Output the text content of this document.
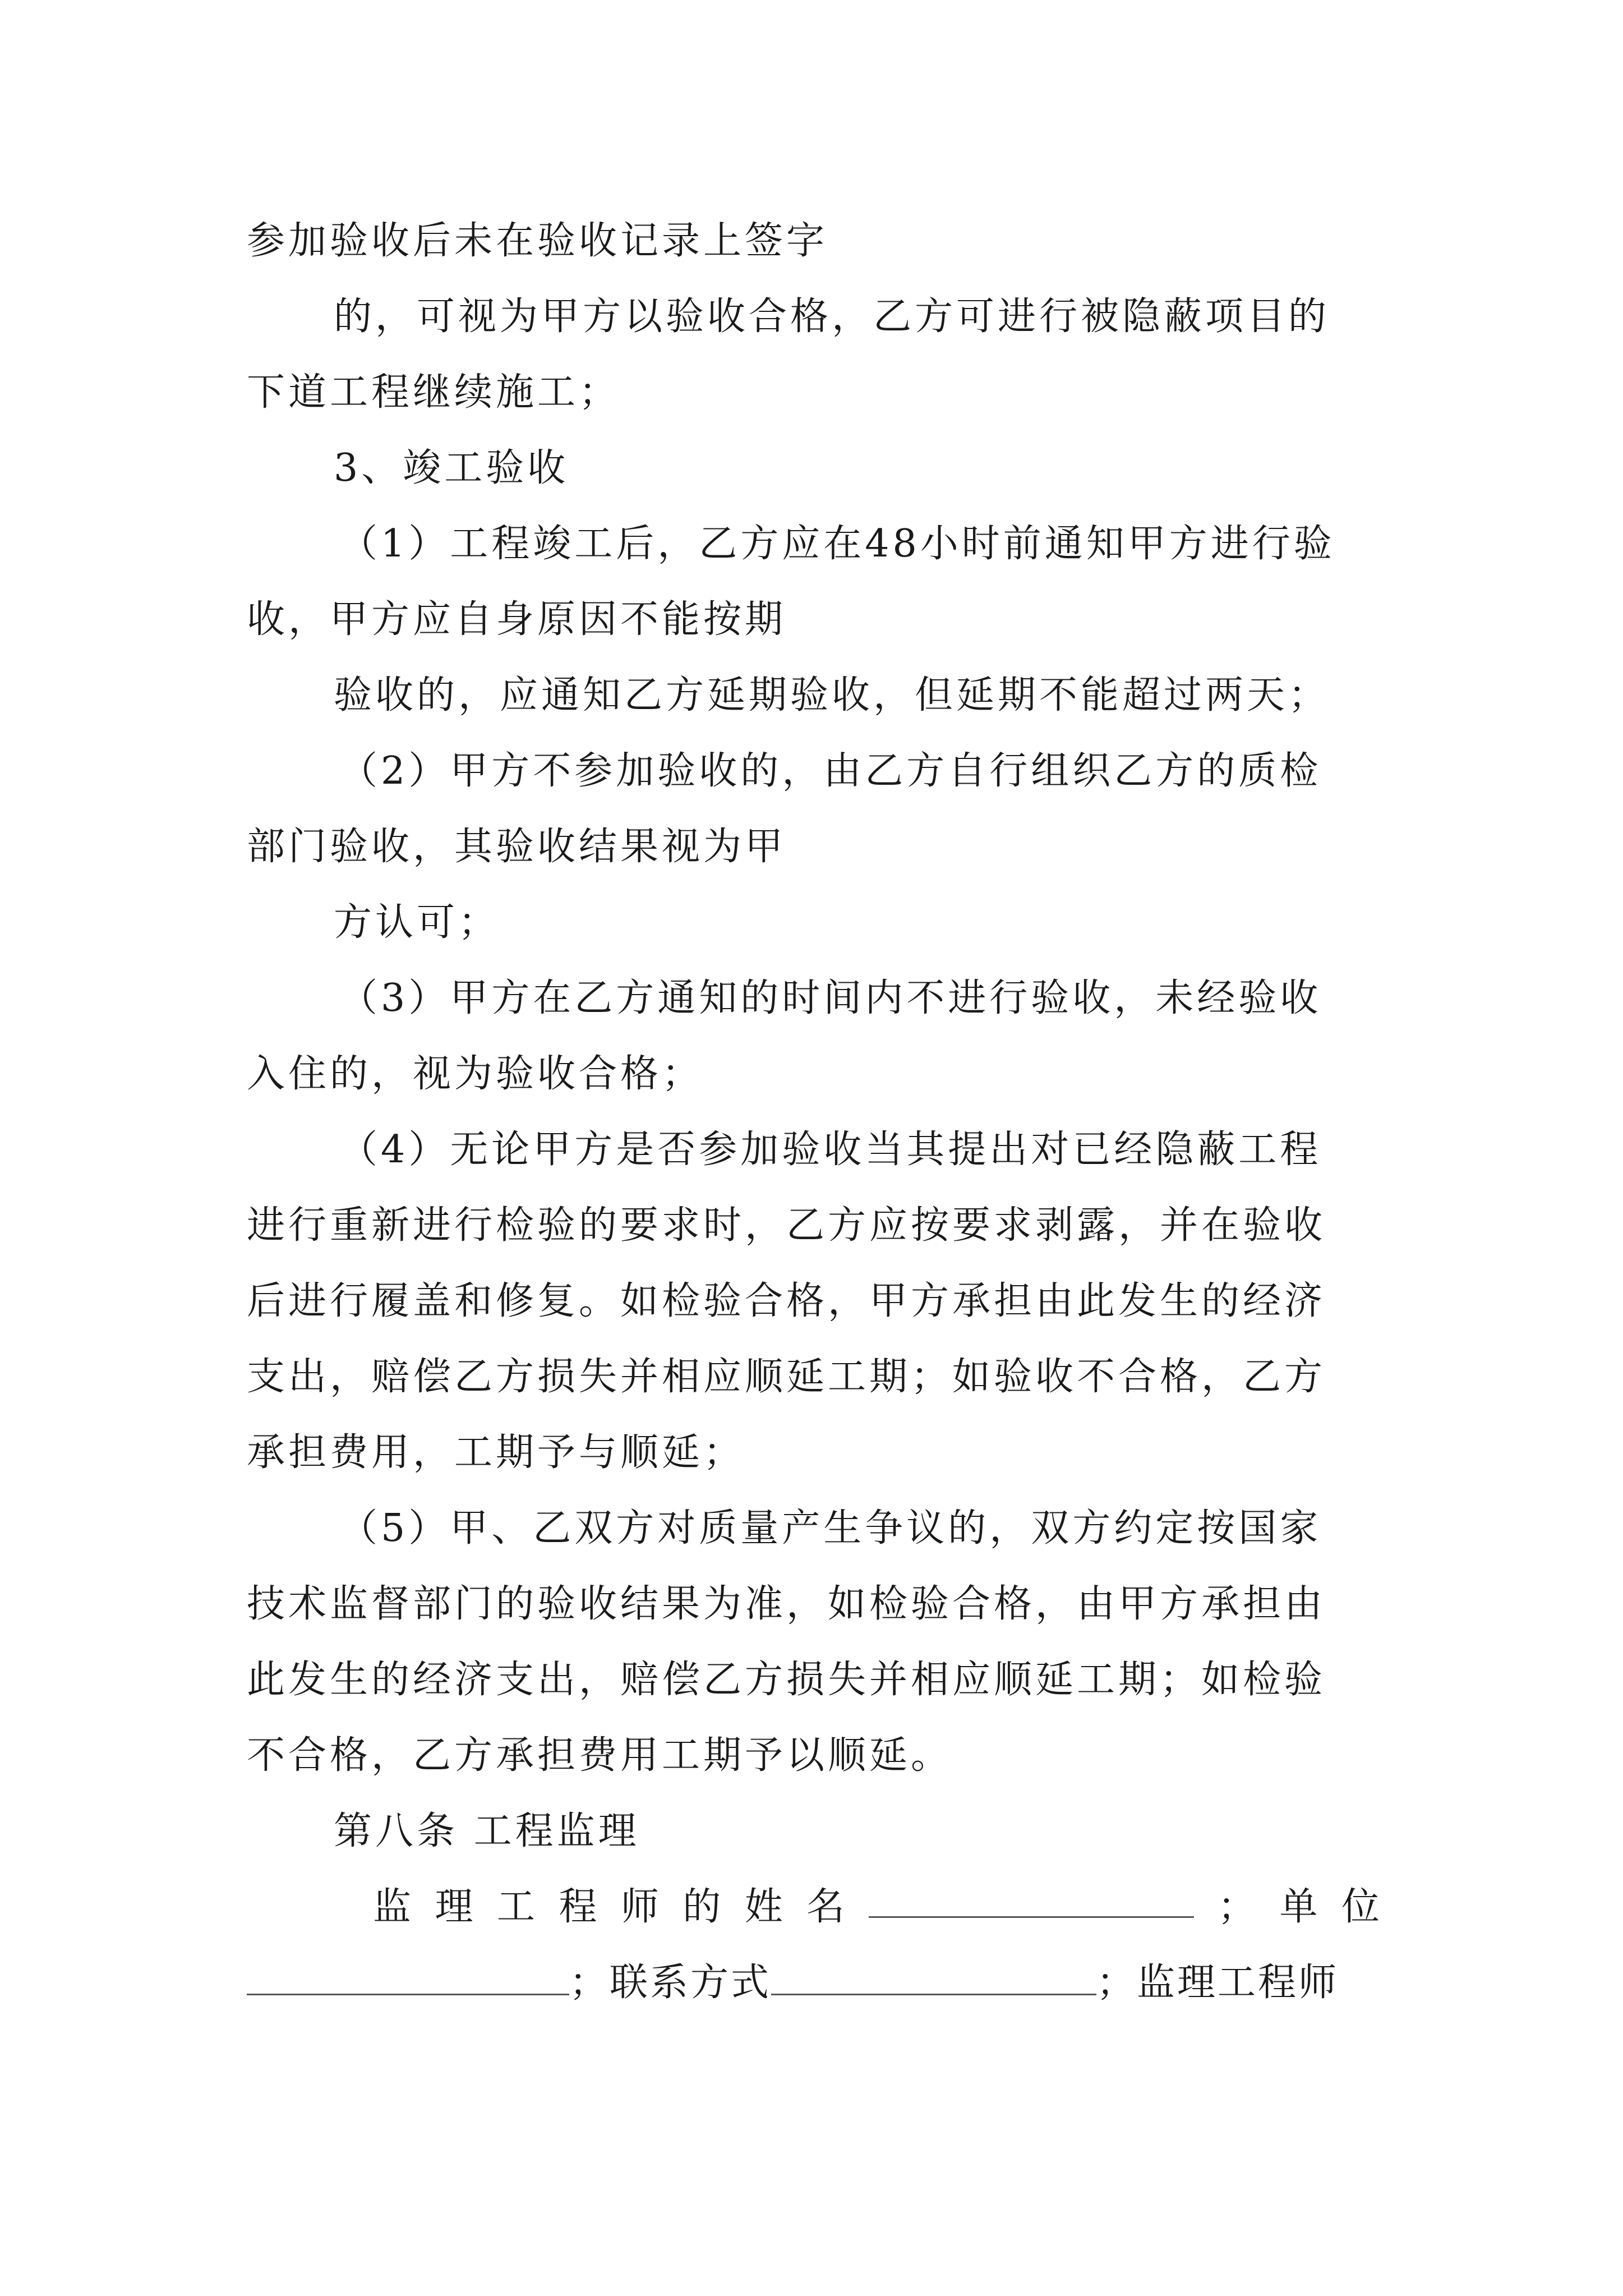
参加验收后未在验收记录上签字
的，可视为甲方以验收合格，乙方可进行被隐蔽项目的
下道工程继续施工；
3、竣工验收
（1）工程竣工后，乙方应在48小时前通知甲方进行验
收，甲方应自身原因不能按期
验收的，应通知乙方延期验收，但延期不能超过两天；
（2）甲方不参加验收的，由乙方自行组织乙方的质检
部门验收，其验收结果视为甲
方认可；
（3）甲方在乙方通知的时间内不进行验收，未经验收
入住的，视为验收合格；
（4）无论甲方是否参加验收当其提出对已经隐蔽工程
进行重新进行检验的要求时，乙方应按要求剥露，并在验收
后进行履盖和修复。如检验合格，甲方承担由此发生的经济
支出，赔偿乙方损失并相应顺延工期；如验收不合格，乙方
承担费用，工期予与顺延；
（5）甲、乙双方对质量产生争议的，双方约定按国家
技术监督部门的验收结果为准，如检验合格，由甲方承担由
此发生的经济支出，赔偿乙方损失并相应顺延工期；如检验
不合格，乙方承担费用工期予以顺延。
第八条 工程监理
监 理 工 程 师 的 姓 名	； 单 位
；联系方式	；监理工程师
